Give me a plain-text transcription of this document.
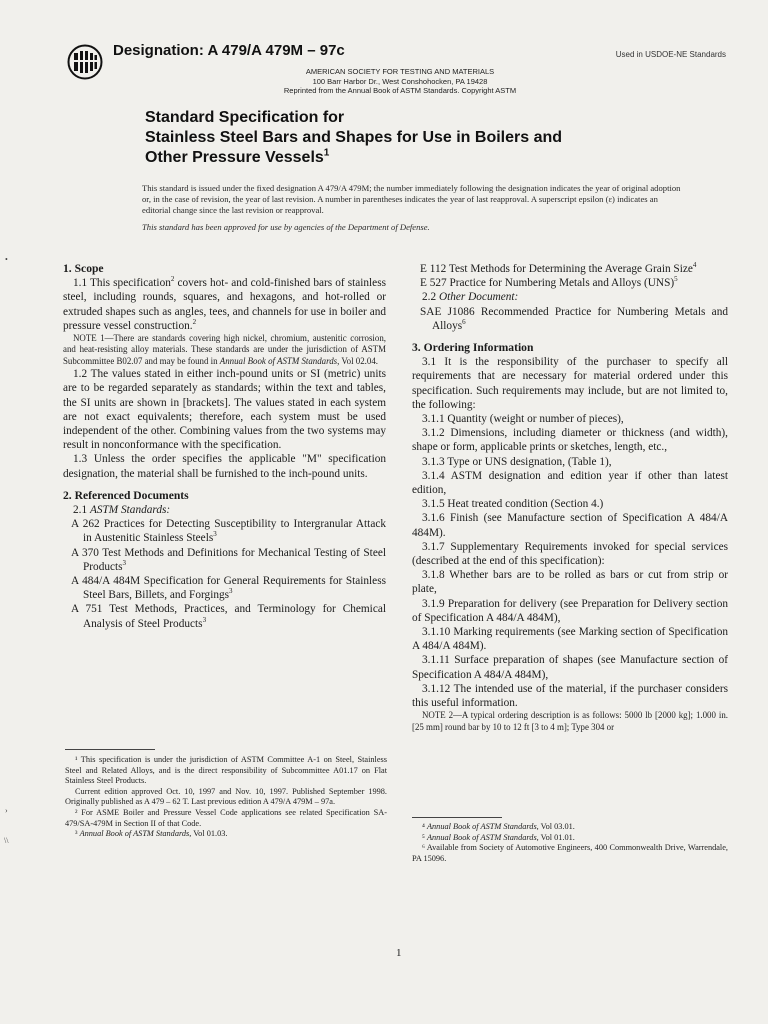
Designation: A 479/A 479M – 97c	Used in USDOE-NE Standards
AMERICAN SOCIETY FOR TESTING AND MATERIALS
100 Barr Harbor Dr., West Conshohocken, PA 19428
Reprinted from the Annual Book of ASTM Standards. Copyright ASTM
Standard Specification for
Stainless Steel Bars and Shapes for Use in Boilers and
Other Pressure Vessels$^1$
This standard is issued under the fixed designation A 479/A 479M; the number immediately following the designation indicates the year of original adoption or, in the case of revision, the year of last revision. A number in parentheses indicates the year of last reapproval. A superscript epsilon (ε) indicates an editorial change since the last revision or reapproval.
This standard has been approved for use by agencies of the Department of Defense.
•
›
\\

1. Scope

1.1 This specification$^2$ covers hot- and cold-finished bars of stainless steel, including rounds, squares, and hexagons, and hot-rolled or extruded shapes such as angles, tees, and channels for use in boiler and pressure vessel construction.$^2$

NOTE 1—There are standards covering high nickel, chromium, austenitic corrosion, and heat-resisting alloy materials. These standards are under the jurisdiction of ASTM Subcommittee B02.07 and may be found in Annual Book of ASTM Standards, Vol 02.04.

1.2 The values stated in either inch-pound units or SI (metric) units are to be regarded separately as standards; within the text and tables, the SI units are shown in [brackets]. The values stated in each system are not exact equivalents; therefore, each system must be used independent of the other. Combining values from the two systems may result in nonconformance with the specification.

1.3 Unless the order specifies the applicable "M" specification designation, the material shall be furnished to the inch-pound units.

2. Referenced Documents

2.1 ASTM Standards:

A 262 Practices for Detecting Susceptibility to Intergranular Attack in Austenitic Stainless Steels$^3$

A 370 Test Methods and Definitions for Mechanical Testing of Steel Products$^3$

A 484/A 484M Specification for General Requirements for Stainless Steel Bars, Billets, and Forgings$^3$

A 751 Test Methods, Practices, and Terminology for Chemical Analysis of Steel Products$^3$

E 112 Test Methods for Determining the Average Grain Size$^4$

E 527 Practice for Numbering Metals and Alloys (UNS)$^5$

2.2 Other Document:

SAE J1086 Recommended Practice for Numbering Metals and Alloys$^6$

3. Ordering Information

3.1 It is the responsibility of the purchaser to specify all requirements that are necessary for material ordered under this specification. Such requirements may include, but are not limited to, the following:

3.1.1 Quantity (weight or number of pieces),

3.1.2 Dimensions, including diameter or thickness (and width), shape or form, applicable prints or sketches, length, etc.,

3.1.3 Type or UNS designation, (Table 1),

3.1.4 ASTM designation and edition year if other than latest edition,

3.1.5 Heat treated condition (Section 4.)

3.1.6 Finish (see Manufacture section of Specification A 484/A 484M).

3.1.7 Supplementary Requirements invoked for special services (described at the end of this specification):

3.1.8 Whether bars are to be rolled as bars or cut from strip or plate,

3.1.9 Preparation for delivery (see Preparation for Delivery section of Specification A 484/A 484M),

3.1.10 Marking requirements (see Marking section of Specification A 484/A 484M).

3.1.11 Surface preparation of shapes (see Manufacture section of Specification A 484/A 484M),

3.1.12 The intended use of the material, if the purchaser considers this useful information.

NOTE 2—A typical ordering description is as follows: 5000 lb [2000 kg]; 1.000 in. [25 mm] round bar by 10 to 12 ft [3 to 4 m]; Type 304 or

¹ This specification is under the jurisdiction of ASTM Committee A-1 on Steel, Stainless Steel and Related Alloys, and is the direct responsibility of Subcommittee A01.17 on Flat Stainless Steel Products.

Current edition approved Oct. 10, 1997 and Nov. 10, 1997. Published September 1998. Originally published as A 479 – 62 T. Last previous edition A 479/A 479M – 97a.

² For ASME Boiler and Pressure Vessel Code applications see related Specification SA-479/SA-479M in Section II of that Code.

³ Annual Book of ASTM Standards, Vol 01.03.

⁴ Annual Book of ASTM Standards, Vol 03.01.

⁵ Annual Book of ASTM Standards, Vol 01.01.

⁶ Available from Society of Automotive Engineers, 400 Commonwealth Drive, Warrendale, PA 15096.

1
